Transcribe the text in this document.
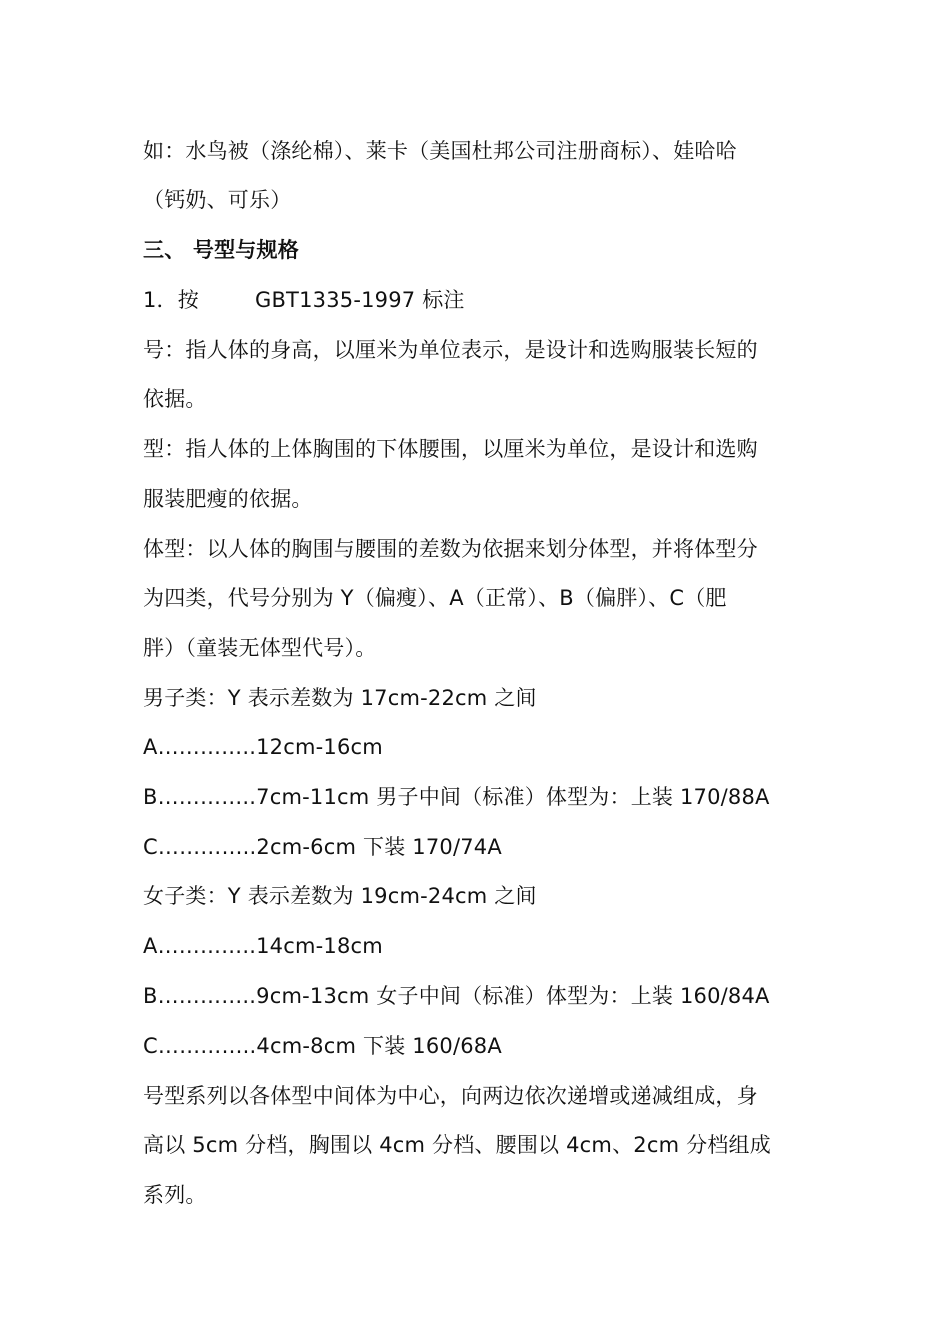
如：水鸟被（涤纶棉）、莱卡（美国杜邦公司注册商标）、娃哈哈
（钙奶、可乐）
三、 号型与规格
1．按	GBT1335-1997 标注
号：指人体的身高，以厘米为单位表示，是设计和选购服装长短的
依据。
型：指人体的上体胸围的下体腰围，以厘米为单位，是设计和选购
服装肥瘦的依据。
体型：以人体的胸围与腰围的差数为依据来划分体型，并将体型分
为四类，代号分别为 Y（偏瘦）、A（正常）、B（偏胖）、C（肥
胖）（童装无体型代号）。
男子类：Y 表示差数为 17cm-22cm 之间
A…………..12cm-16cm
B…………..7cm-11cm 男子中间（标准）体型为：上装 170/88A
C…………..2cm-6cm 下装 170/74A
女子类：Y 表示差数为 19cm-24cm 之间
A…………..14cm-18cm
B…………..9cm-13cm 女子中间（标准）体型为：上装 160/84A
C…………..4cm-8cm 下装 160/68A
号型系列以各体型中间体为中心，向两边依次递增或递减组成，身
高以 5cm 分档，胸围以 4cm 分档、腰围以 4cm、2cm 分档组成
系列。
